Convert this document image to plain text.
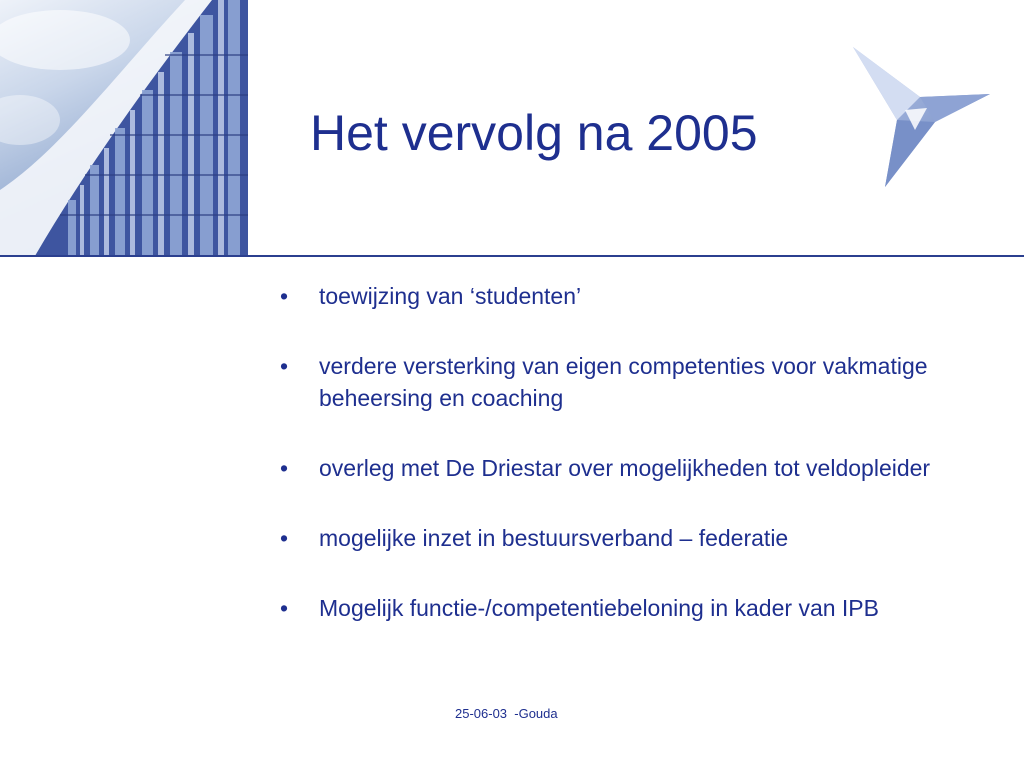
Het vervolg na 2005
• toewijzing van ‘studenten’
• verdere versterking van eigen competenties voor vakmatige beheersing en coaching
• overleg met De Driestar over mogelijkheden tot veldopleider
• mogelijke inzet in bestuursverband – federatie
• Mogelijk functie-/competentiebeloning in kader van IPB
25-06-03  -Gouda
